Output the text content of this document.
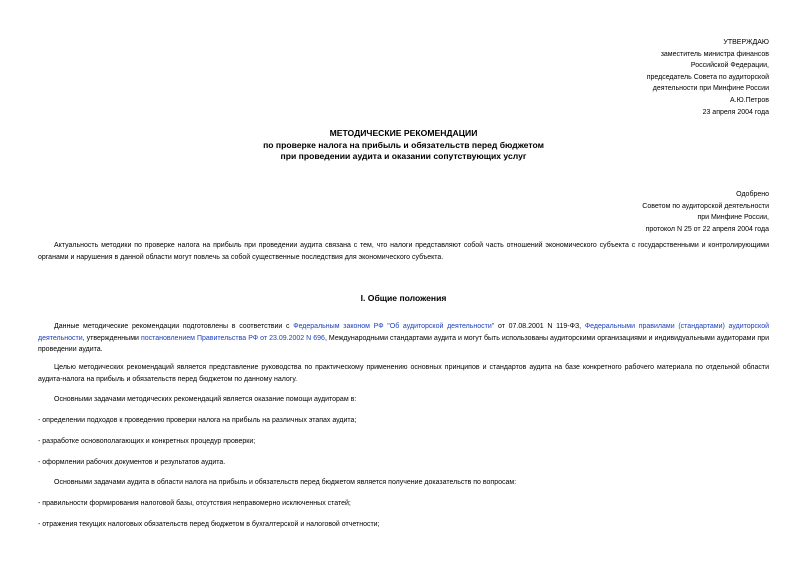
УТВЕРЖДАЮ
заместитель министра финансов
Российской Федерации,
председатель Совета по аудиторской
деятельности при Минфине России
А.Ю.Петров
23 апреля 2004 года
МЕТОДИЧЕСКИЕ РЕКОМЕНДАЦИИ
по проверке налога на прибыль и обязательств перед бюджетом
при проведении аудита и оказании сопутствующих услуг
Одобрено
Советом по аудиторской деятельности
при Минфине России,
протокол N 25 от 22 апреля 2004 года
Актуальность методики по проверке налога на прибыль при проведении аудита связана с тем, что налоги представляют собой часть отношений экономического субъекта с государственными и контролирующими органами и нарушения в данной области могут повлечь за собой существенные последствия для экономического субъекта.
I. Общие положения
Данные методические рекомендации подготовлены в соответствии с Федеральным законом РФ "Об аудиторской деятельности" от 07.08.2001 N 119-ФЗ, Федеральными правилами (стандартами) аудиторской деятельности, утвержденными постановлением Правительства РФ от 23.09.2002 N 696, Международными стандартами аудита и могут быть использованы аудиторскими организациями и индивидуальными аудиторами при проведении аудита.
Целью методических рекомендаций является представление руководства по практическому применению основных принципов и стандартов аудита на базе конкретного рабочего материала по отдельной области аудита-налога на прибыль и обязательств перед бюджетом по данному налогу.
Основными задачами методических рекомендаций является оказание помощи аудиторам в:
- определении подходов к проведению проверки налога на прибыль на различных этапах аудита;
- разработке основополагающих и конкретных процедур проверки;
- оформлении рабочих документов и результатов аудита.
Основными задачами аудита в области налога на прибыль и обязательств перед бюджетом является получение доказательств по вопросам:
- правильности формирования налоговой базы, отсутствия неправомерно исключенных статей;
- отражения текущих налоговых обязательств перед бюджетом в бухгалтерской и налоговой отчетности;
